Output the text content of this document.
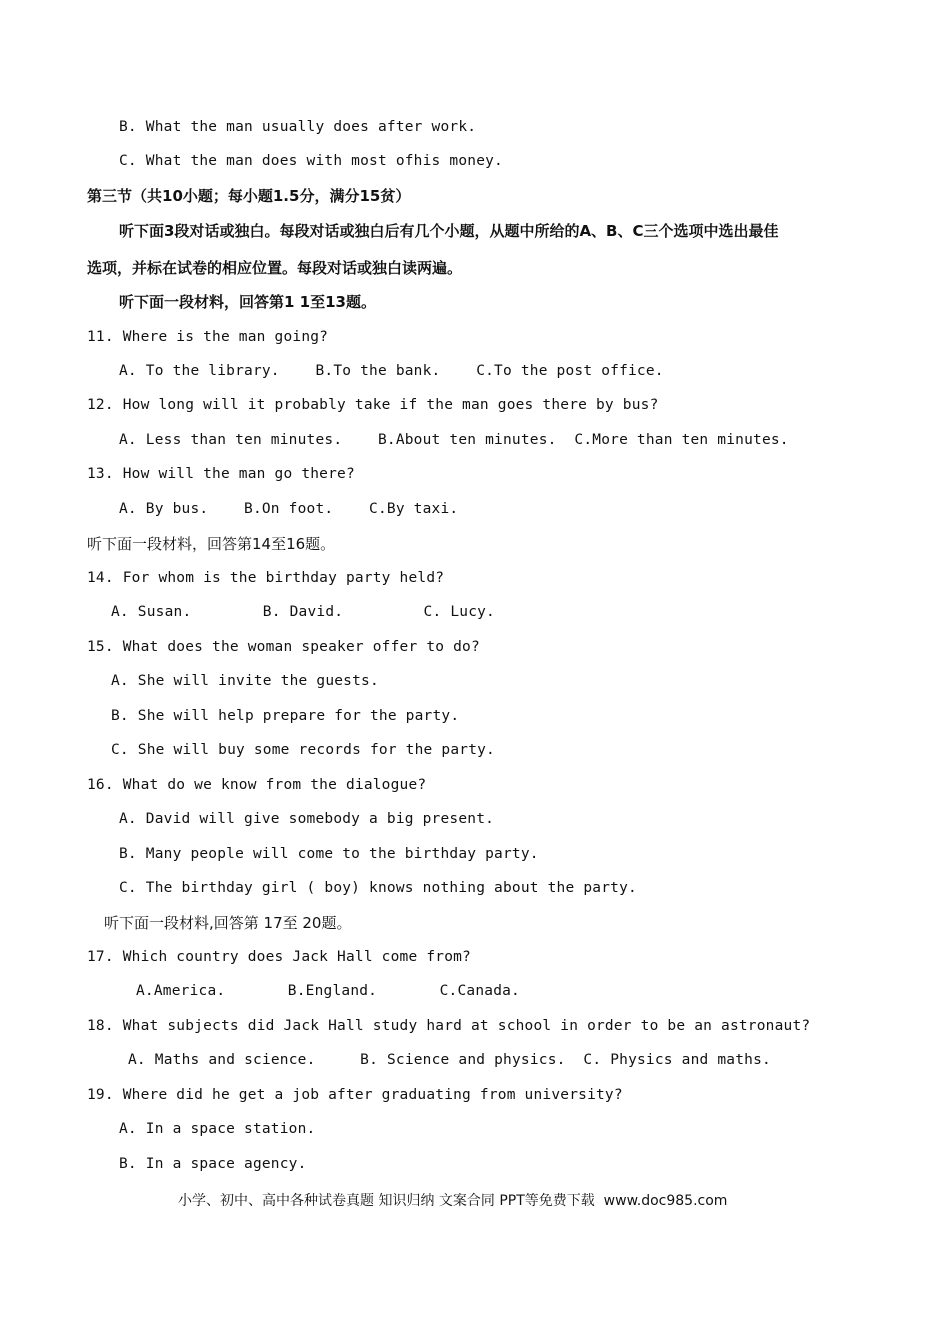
B. What the man usually does after work.
C. What the man does with most ofhis money.
第三节（共10小题；每小题1.5分，满分15贫）
听下面3段对话或独白。每段对话或独白后有几个小题，从题中所给的A、B、C三个选项中选出最佳
选项，并标在试卷的相应位置。每段对话或独白读两遍。
听下面一段材料，回答第1 1至13题。
11. Where is the man going?
A. To the library.    B.To the bank.    C.To the post office.
12. How long will it probably take if the man goes there by bus?
A. Less than ten minutes.    B.About ten minutes.  C.More than ten minutes.
13. How will the man go there?
A. By bus.    B.On foot.    C.By taxi.
听下面一段材料，回答第14至16题。
14. For whom is the birthday party held?
A. Susan.        B. David.         C. Lucy.
15. What does the woman speaker offer to do?
A. She will invite the guests.
B. She will help prepare for the party.
C. She will buy some records for the party.
16. What do we know from the dialogue?
A. David will give somebody a big present.
B. Many people will come to the birthday party.
C. The birthday girl ( boy) knows nothing about the party.
听下面一段材料,回答第 17至 20题。
17. Which country does Jack Hall come from?
A.America.       B.England.       C.Canada.
18. What subjects did Jack Hall study hard at school in order to be an astronaut?
A. Maths and science.     B. Science and physics.  C. Physics and maths.
19. Where did he get a job after graduating from university?
A. In a space station.
B. In a space agency.
小学、初中、高中各种试卷真题 知识归纳 文案合同 PPT等免费下载  www.doc985.com
